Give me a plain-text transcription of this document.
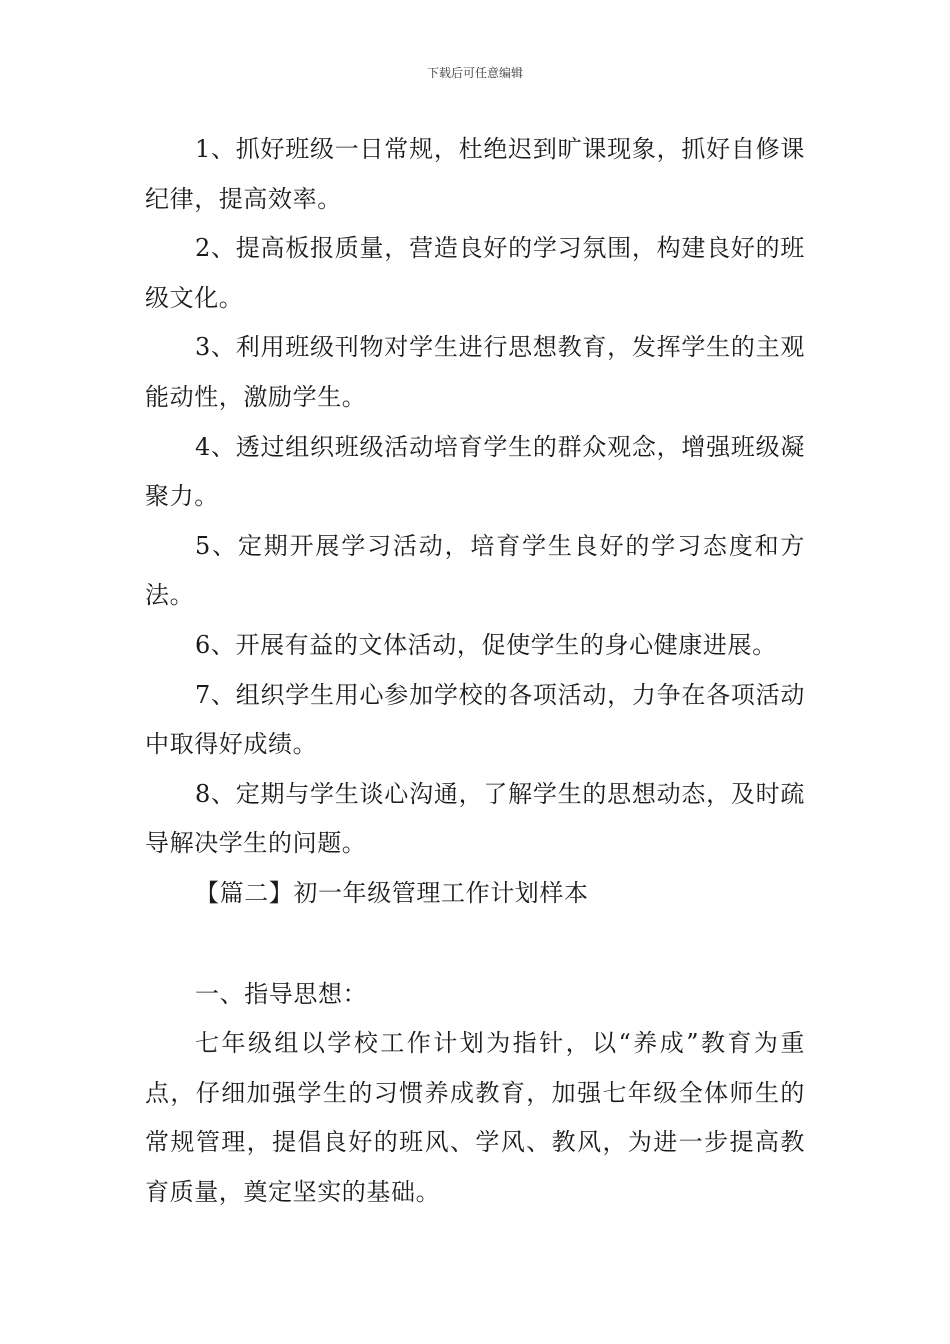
下载后可任意编辑

1、抓好班级一日常规，杜绝迟到旷课现象，抓好自修课纪律，提高效率。

2、提高板报质量，营造良好的学习氛围，构建良好的班级文化。

3、利用班级刊物对学生进行思想教育，发挥学生的主观能动性，激励学生。

4、透过组织班级活动培育学生的群众观念，增强班级凝聚力。

5、定期开展学习活动，培育学生良好的学习态度和方法。

6、开展有益的文体活动，促使学生的身心健康进展。

7、组织学生用心参加学校的各项活动，力争在各项活动中取得好成绩。

8、定期与学生谈心沟通，了解学生的思想动态，及时疏导解决学生的问题。

【篇二】初一年级管理工作计划样本

一、指导思想：

七年级组以学校工作计划为指针，以“养成”教育为重点，仔细加强学生的习惯养成教育，加强七年级全体师生的常规管理，提倡良好的班风、学风、教风，为进一步提高教育质量，奠定坚实的基础。
